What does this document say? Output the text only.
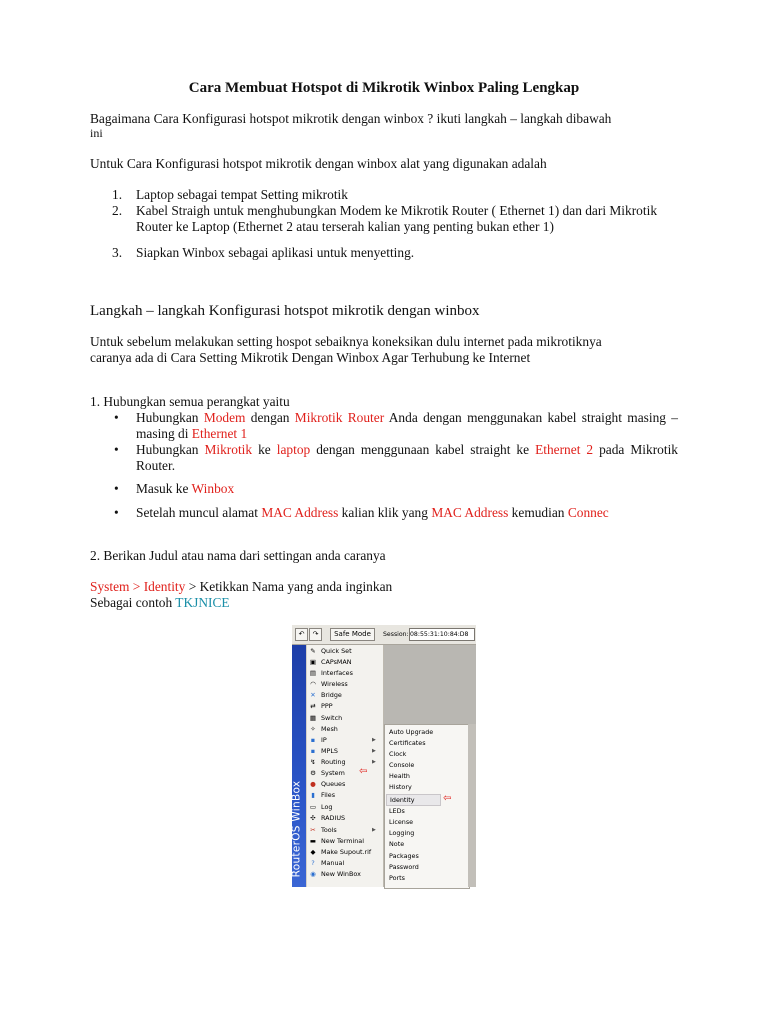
Cara Membuat Hotspot di Mikrotik Winbox Paling Lengkap
Bagaimana Cara Konfigurasi hotspot mikrotik dengan winbox ? ikuti langkah – langkah dibawah
ini
Untuk Cara Konfigurasi hotspot mikrotik dengan winbox alat yang digunakan adalah
1. Laptop sebagai tempat Setting mikrotik
2. Kabel Straigh untuk menghubungkan Modem ke Mikrotik Router ( Ethernet 1) dan dari Mikrotik Router ke Laptop (Ethernet 2 atau terserah kalian yang penting bukan ether 1)
3. Siapkan Winbox sebagai aplikasi untuk menyetting.
Langkah – langkah Konfigurasi hotspot mikrotik dengan winbox
Untuk sebelum melakukan setting hospot sebaiknya koneksikan dulu internet pada mikrotiknya
caranya ada di Cara Setting Mikrotik Dengan Winbox Agar Terhubung ke Internet
1. Hubungkan semua perangkat yaitu
• Hubungkan Modem dengan Mikrotik Router Anda dengan menggunakan kabel straight masing – masing di Ethernet 1
• Hubungkan Mikrotik ke laptop dengan menggunaan kabel straight ke Ethernet 2 pada Mikrotik Router.
• Masuk ke Winbox
• Setelah muncul alamat MAC Address kalian klik yang MAC Address kemudian Connec
2. Berikan Judul atau nama dari settingan anda caranya
System > Identity > Ketikkan Nama yang anda inginkan
Sebagai contoh TKJNICE
↶	↷	Safe Mode	Session: 08:55:31:10:84:D8
RouterOS WinBox
✎ Quick Set
▣ CAPsMAN
▤ Interfaces
◠ Wireless
✕ Bridge
⇄ PPP
▦ Switch
✧ Mesh
▪ IP	▶
▪ MPLS	▶
↯ Routing	▶
⚙ System ⇦
● Queues
▮ Files
▭ Log
✣ RADIUS
✂ Tools	▶
▬ New Terminal
◆ Make Supout.rif
? Manual
◉ New WinBox
Auto Upgrade
Certificates
Clock
Console
Health
History
Identity	⇦
LEDs
License
Logging
Note
Packages
Password
Ports
